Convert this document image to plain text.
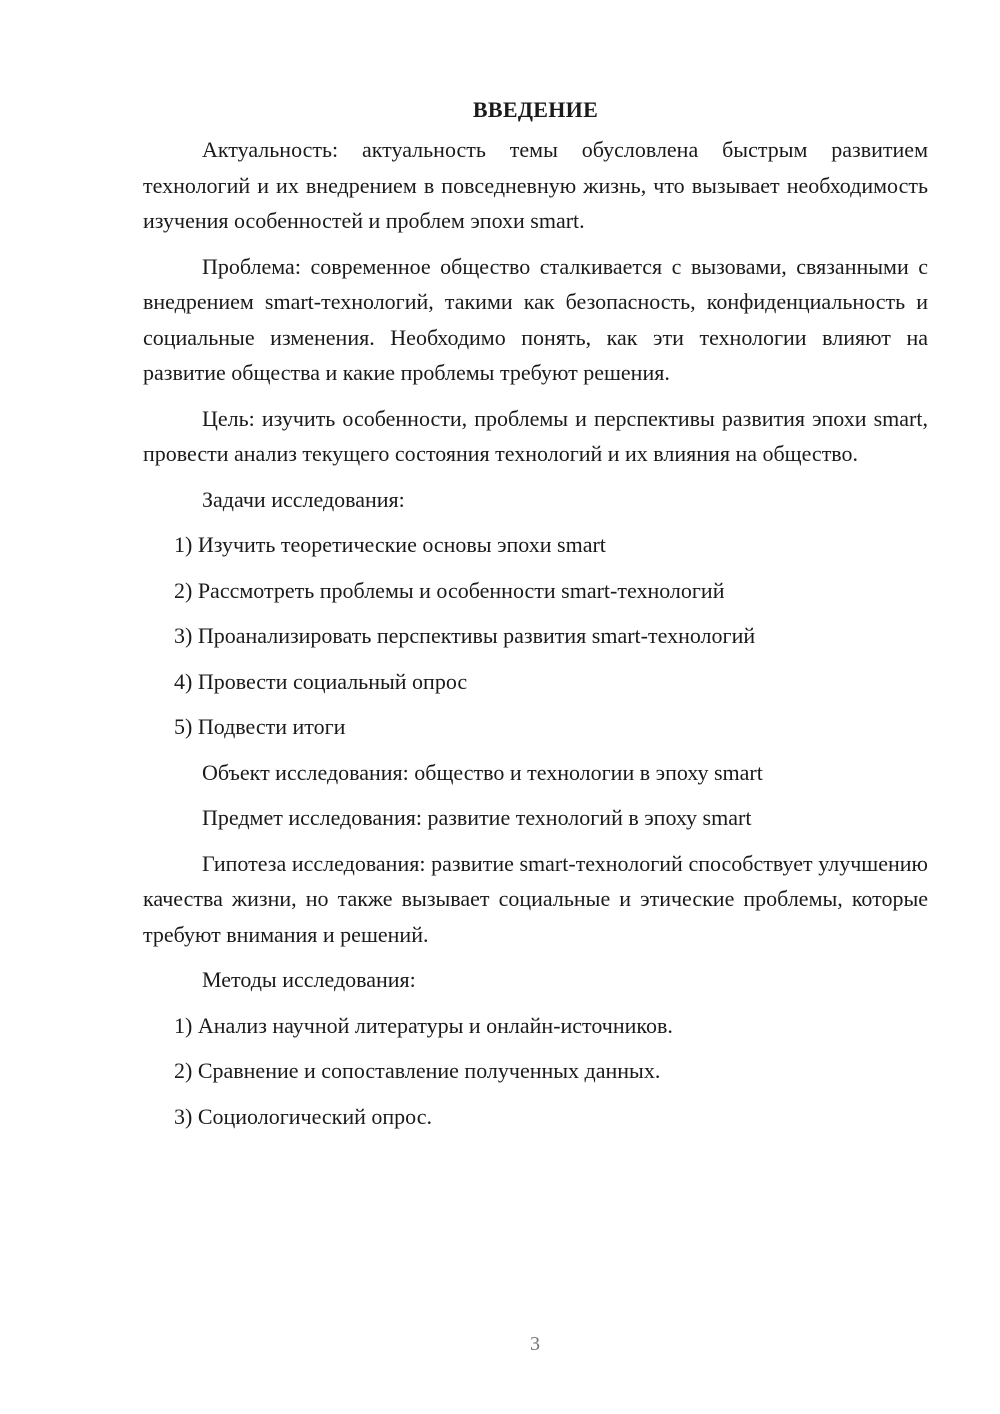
ВВЕДЕНИЕ

Актуальность: актуальность темы обусловлена быстрым развитием технологий и их внедрением в повседневную жизнь, что вызывает необходимость изучения особенностей и проблем эпохи smart.

Проблема: современное общество сталкивается с вызовами, связанными с внедрением smart-технологий, такими как безопасность, конфиденциальность и социальные изменения. Необходимо понять, как эти технологии влияют на развитие общества и какие проблемы требуют решения.

Цель: изучить особенности, проблемы и перспективы развития эпохи smart, провести анализ текущего состояния технологий и их влияния на общество.

Задачи исследования:

1) Изучить теоретические основы эпохи smart

2) Рассмотреть проблемы и особенности smart-технологий

3) Проанализировать перспективы развития smart-технологий

4) Провести социальный опрос

5) Подвести итоги

Объект исследования: общество и технологии в эпоху smart

Предмет исследования: развитие технологий в эпоху smart

Гипотеза исследования: развитие smart-технологий способствует улучшению качества жизни, но также вызывает социальные и этические проблемы, которые требуют внимания и решений.

Методы исследования:

1) Анализ научной литературы и онлайн-источников.

2) Сравнение и сопоставление полученных данных.

3) Социологический опрос.

3
